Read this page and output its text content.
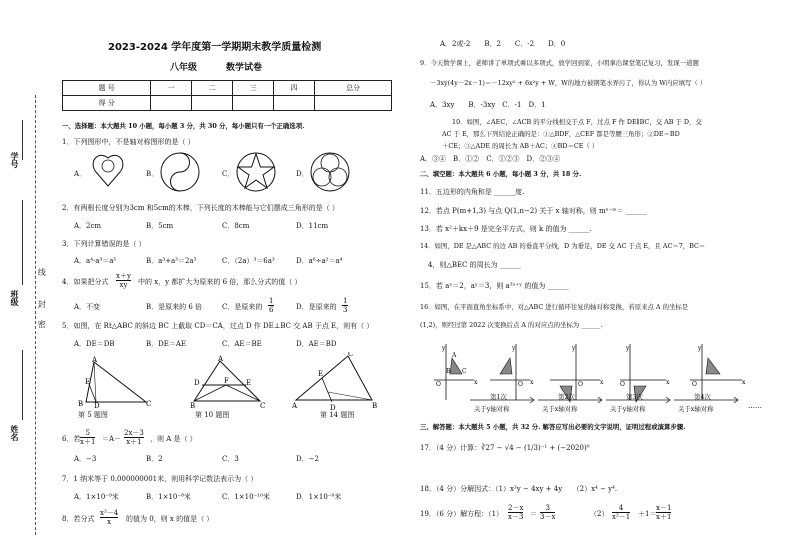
学号
班级
姓名
密
封
线
2023-2024 学年度第一学期期末教学质量检测
八年级	数学试卷
题 号	一	二	三	四	总分
得 分					
一、选择题：本大题共 10 小题，每小题 3 分，共 30 分，每小题只有一个正确选项.
1．下列图形中，不是轴对称图形的是（ ）
A．	B．	C．	D．
2．有两根长度分别为3cm 和5cm的木棒，下列长度的木棒能与它们摆成三角形的是（ ）
A．2cm	B．5cm	C．8cm	D．11cm
3．下列计算错误的是（ ）
A．a⁴·a³＝a⁵	B．a³+a³＝2a³	C．（2a）³＝6a³	D．a⁶÷a²＝a⁴
4．如果把分式 $\frac{x+y}{xy}$ 中的 x，y 都扩大为原来的 6 倍，那么分式的值（ ）
A．不变	B．是原来的 6 倍	C．是原来的 $\frac{1}{6}$	D．是原来的 $\frac{1}{3}$
5．如图，在 Rt△ABC 的斜边 BC 上截取 CD＝CA，过点 D 作 DE⊥BC 交 AB 于点 E，则有（ ）
A．DE＝DB	B．DE＝AE	C．AE＝BE	D．AE＝BD
A
E
D
B	C
第 5 题图
A
D	F E
B	C
第 10 题图
C
E
A	D	B
第 14 题图
6．若 $\frac{5}{x+1} =A- \frac{2x-3}{x+1}$ ，则 A 是（ ）
A．−3	B．2	C．3	D．−2
7．1 纳米等于 0.000000001米，则用科学记数法表示为（ ）
A．1×10⁻⁹米	B．1×10⁻⁸米	C．1×10⁻¹⁰米	D．1×10⁻⁹米
8．若分式 $\frac{\text{x²－4}}{x}$ 的值为 0，则 x 的值是（ ）
A．2或-2　　B．2　　C．-2　　D．0
9．今天数学课上，老师讲了单项式乘以多项式，放学回到家，小明拿出课堂笔记复习，发现一道题
－3xy(4y－2x－1)＝－12xy² + 6x²y + W，W的地方被钢笔水弄污了，你认为 W内应填写（ ）
A．3xy　　B．-3xy　C．-1　D．1
10．如图，∠AEC，∠ACB 的平分线相交于点 F，过点 F 作 DE∥BC，交 AB 于 D，交
AC 于 E，那么下列结论正确的是：①△BDF，△CEF 都是等腰三角形；②DE＝BD
＋CE；③△ADE 的周长为 AB＋AC；④BD＝CE（ ）
A．③④　B．①②　C．①②③　D．②③④
二、填空题：本大题共 6 小题，每小题 3 分，共 18 分.
11．五边形的内角和是 ______度.
12．若点 P(m+1,3) 与点 Q(1,n−2) 关于 x 轴对称，则 mⁿ⁻ᵐ＝ ______
13．若 x²＋kx＋9 是完全平方式，则 k 的值为 ______.
14．如图，DE 是△ABC 的边 AB 的垂直平分线，D 为垂足，DE 交 AC 于点 E，且 AC＝7，BC＝
4，则△BEC 的周长为 ______
15．若 aˣ＝2，aʸ＝3，则 a²ˣ⁺ʸ 的值为 ______
16．如图，在平面直角坐标系中，对△ABC 进行循环往复的轴对称变换，若原来点 A 的坐标是
(1,2)，则经过第 2022 次变换后点 A 的对应点的坐标为 ______.
y
x
O
A
B C
y
x
O
y
x
O
y
x
O
y
x
O
第1次	第2次	第3次	第4次
关于y轴对称	关于x轴对称	关于y轴对称	关于x轴对称	……
三、解答题：本大题共 5 小题，共 32 分. 解答应写出必要的文字说明，证明过程或演算步骤.
17．（4 分）计算：∛27 − √4 − (1/3)⁻¹ + (−2020)⁰
18．（4 分）分解因式：（1）x²y − 4xy + 4y　　（2）x⁴ − y⁴.
19．（6 分）解方程：（1）
2－x
x－3 ＝
3
3－x	（2）
4
x²－1 ＋1＝
x－1
x＋1
